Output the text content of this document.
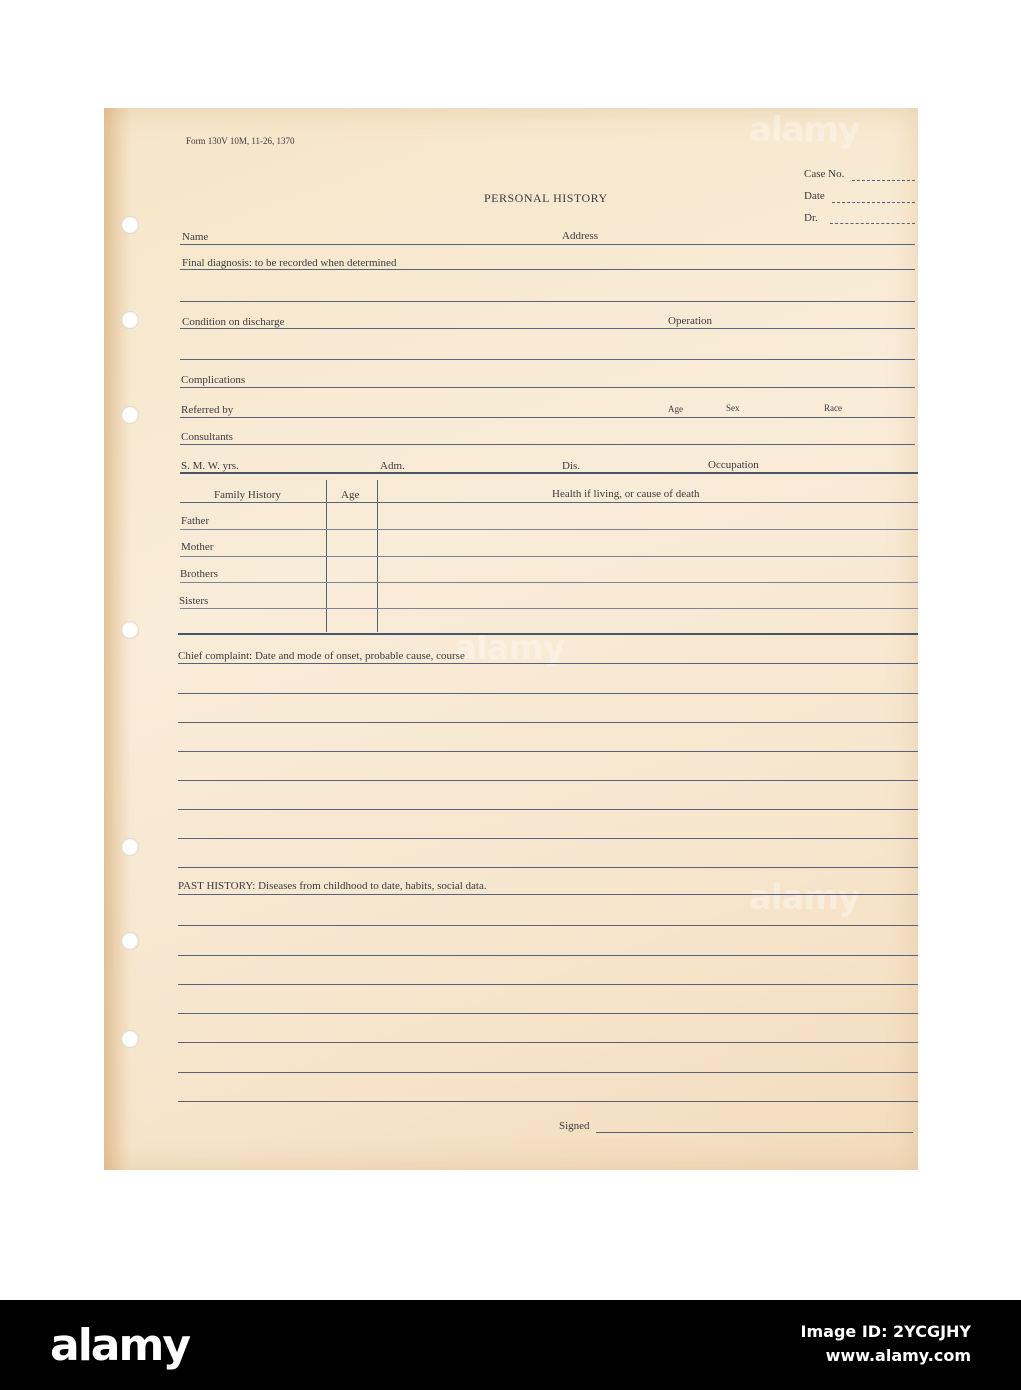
alamy
alamy
alamy
Form 130V 10M, 11-26, 1370
PERSONAL HISTORY
Case No.
Date
Dr.
Name	Address
Final diagnosis: to be recorded when determined
Condition on discharge	Operation
Complications
Referred by	Age	Sex	Race
Consultants
S. M. W. yrs.	Adm.	Dis.	Occupation
Family History	Age	Health if living, or cause of death
Father
Mother
Brothers
Sisters
Chief complaint: Date and mode of onset, probable cause, course
PAST HISTORY: Diseases from childhood to date, habits, social data.
Signed
alamy	Image ID: 2YCGJHY
www.alamy.com
